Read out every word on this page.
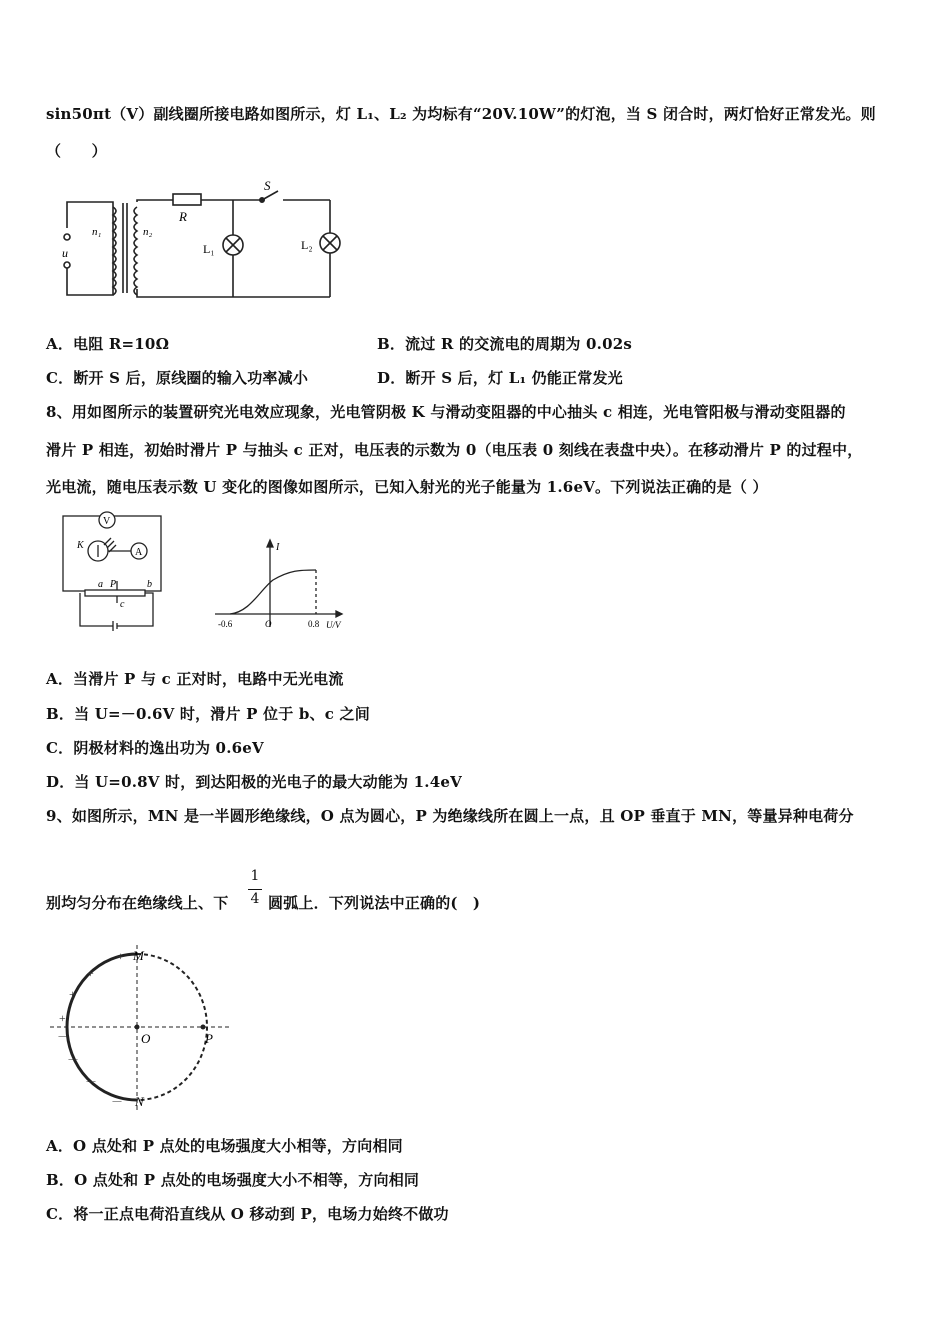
sin50πt（V）副线圈所接电路如图所示，灯 L₁、L₂ 为均标有“20V.10W”的灯泡，当 S 闭合时，两灯恰好正常发光。则
（　　）
S
R
n₁	n₂
u	L₁	L₂
A．电阻 R=10Ω	B．流过 R 的交流电的周期为 0.02s
C．断开 S 后，原线圈的输入功率减小	D．断开 S 后，灯 L₁ 仍能正常发光
8、用如图所示的装置研究光电效应现象，光电管阴极 K 与滑动变阻器的中心抽头 c 相连，光电管阳极与滑动变阻器的
滑片 P 相连，初始时滑片 P 与抽头 c 正对，电压表的示数为 0（电压表 0 刻线在表盘中央）。在移动滑片 P 的过程中，
光电流，随电压表示数 U 变化的图像如图所示，已知入射光的光子能量为 1.6eV。下列说法正确的是（ ）
V
A
K
a P	b
c
I
-0.6	O	0.8 U/V
A．当滑片 P 与 c 正对时，电路中无光电流
B．当 U=－0.6V 时，滑片 P 位于 b、c 之间
C．阴极材料的逸出功为 0.6eV
D．当 U=0.8V 时，到达阳极的光电子的最大动能为 1.4eV
9、如图所示，MN 是一半圆形绝缘线，O 点为圆心，P 为绝缘线所在圆上一点，且 OP 垂直于 MN，等量异种电荷分
1
4
别均匀分布在绝缘线上、下	圆弧上．下列说法中正确的(　)
M
N
O	P
+
+
+
+
－
－
－
－
A．O 点处和 P 点处的电场强度大小相等，方向相同
B．O 点处和 P 点处的电场强度大小不相等，方向相同
C．将一正点电荷沿直线从 O 移动到 P，电场力始终不做功
